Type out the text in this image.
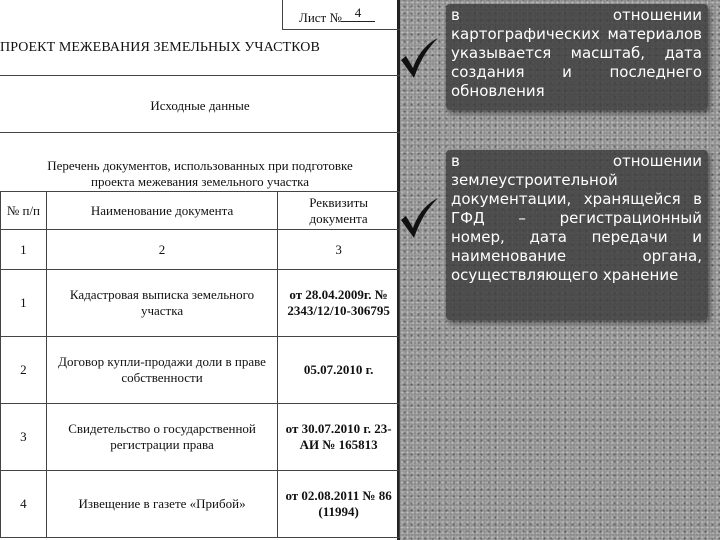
Лист № 4
ПРОЕКТ МЕЖЕВАНИЯ ЗЕМЕЛЬНЫХ УЧАСТКОВ
Исходные данные
Перечень документов, использованных при подготовке
проекта межевания земельного участка
№ п/п	Наименование документа	Реквизиты документа
1	2	3
1	Кадастровая выписка земельного участка	от 28.04.2009г. № 2343/12/10-306795
2	Договор купли-продажи доли в праве собственности	05.07.2010 г.
3	Свидетельство о государственной регистрации права	от 30.07.2010 г. 23-АИ № 165813
4	Извещение в газете «Прибой»	от 02.08.2011 № 86 (11994)
в отношении картографических материалов указывается масштаб, дата создания и последнего обновления
в отношении землеустроительной документации, хранящейся в ГФД – регистрационный номер, дата передачи и наименование органа, осуществляющего хранение
